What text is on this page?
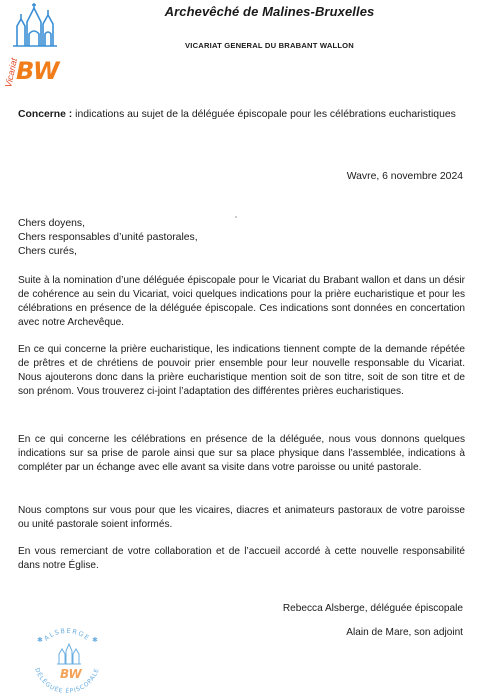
BW
Vicariat
Archevêché de Malines-Bruxelles
VICARIAT GENERAL DU BRABANT WALLON
Concerne : indications au sujet de la déléguée épiscopale pour les célébrations eucharistiques
Wavre, 6 novembre 2024
Chers doyens,
Chers responsables d’unité pastorales,
Chers curés,
Suite à la nomination d’une déléguée épiscopale pour le Vicariat du Brabant wallon et dans un désir de cohérence au sein du Vicariat, voici quelques indications pour la prière eucharistique et pour les célébrations en présence de la déléguée épiscopale. Ces indications sont données en concertation avec notre Archevêque.
En ce qui concerne la prière eucharistique, les indications tiennent compte de la demande répétée de prêtres et de chrétiens de pouvoir prier ensemble pour leur nouvelle responsable du Vicariat. Nous ajouterons donc dans la prière eucharistique mention soit de son titre, soit de son titre et de son prénom. Vous trouverez ci-joint l’adaptation des différentes prières eucharistiques.
En ce qui concerne les célébrations en présence de la déléguée, nous vous donnons quelques indications sur sa prise de parole ainsi que sur sa place physique dans l’assemblée, indications à compléter par un échange avec elle avant sa visite dans votre paroisse ou unité pastorale.
Nous comptons sur vous pour que les vicaires, diacres et animateurs pastoraux de votre paroisse ou unité pastorale soient informés.
En vous remerciant de votre collaboration et de l’accueil accordé à cette nouvelle responsabilité dans notre Église.
Rebecca Alsberge, déléguée épiscopale
Alain de Mare, son adjoint
ALSBERGE
DÉLÉGUÉE ÉPISCOPALE
BW
✱	✱
